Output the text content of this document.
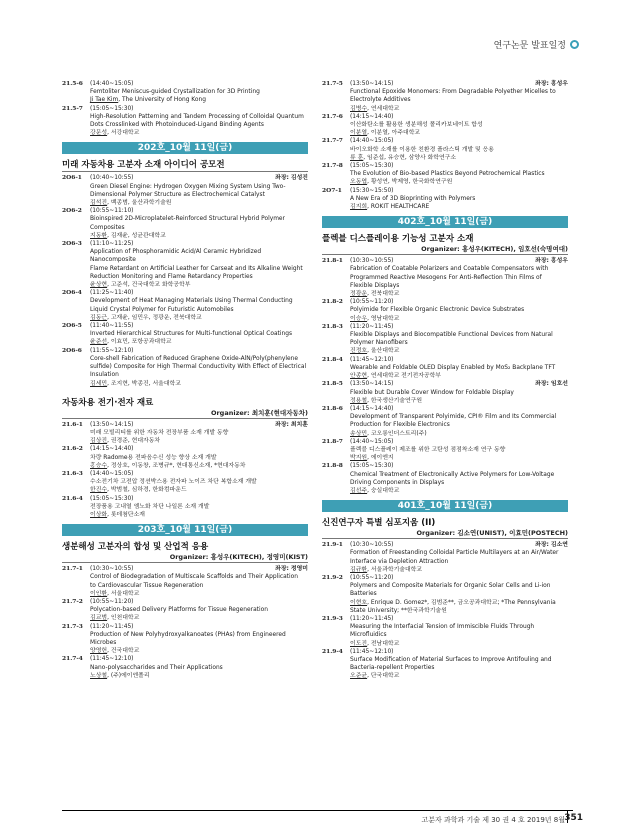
연구논문 발표일정
21.5-6	(14:40~15:05)
Femtoliter Meniscus-guided Crystallization for 3D Printing
Ji Tae Kim, The University of Hong Kong
21.5-7	(15:05~15:30)
High-Resolution Patterning and Tandem Processing of Colloidal Quantum
Dots Crosslinked with Photoinduced-Ligand Binding Agents
강문성, 서강대학교
202호_10월 11일(금)
미래 자동차용 고분자 소재 아이디어 공모전
2O6-1	(10:40~10:55)	좌장: 김성진
Green Diesel Engine: Hydrogen Oxygen Mixing System Using Two-
Dimensional Polymer Structure as Electrochemical Catalyst
김석진, 백종범, 울산과학기술원
2O6-2	(10:55~11:10)
Bioinspired 2D-Microplatelet-Reinforced Structural Hybrid Polymer Composites
지동환, 김재윤, 성균관대학교
2O6-3	(11:10~11:25)
Application of Phosphoramidic Acid/Al Ceramic Hybridized Nanocomposite
Flame Retardant on Artificial Leather for Carseat and Its Alkaline Weight
Reduction Monitoring and Flame Retardancy Properties
윤상현, 고준석, 건국대학교 화학공학부
2O6-4	(11:25~11:40)
Development of Heat Managing Materials Using Thermal Conducting
Liquid Crystal Polymer for Futuristic Automobiles
김동근, 고재윤, 임민우, 정광운, 전북대학교
2O6-5	(11:40~11:55)
Inverted Hierarchical Structures for Multi-functional Optical Coatings
윤준선, 이효민, 포항공과대학교
2O6-6	(11:55~12:10)
Core-shell Fabrication of Reduced Graphene Oxide-AlN/Poly(phenylene
sulfide) Composite for High Thermal Conductivity With Effect of Electrical Insulation
김세민, 조지현, 박종진, 서울대학교
자동차용 전기·전자 재료
Organizer: 최치훈(현대자동차)
21.6-1	(13:50~14:15)	좌장: 최치훈
미래 모빌리티를 위한 자동차 전장부품 소재 개발 동향
김상진, 권경준, 현대자동차
21.6-2	(14:15~14:40)
차량 Radome용 전파음수신 성능 향상 소재 개발
홍승수, 정상호, 이동창, 조병규*, 현대통신소재, *현대자동차
21.6-3	(14:40~15:05)
수소전기차 고전압 정션박스용 전자파 노이즈 차단 복합소재 개발
한진수, 박범철, 심하경, 한화컴파운드
21.6-4	(15:05~15:30)
전장품용 고내열 엠노화 차단 나일론 소재 개발
이상화, 롯데첨단소재
203호_10월 11일(금)
생분해성 고분자의 합성 및 산업적 응용
Organizer: 홍성우(KITECH), 정영미(KIST)
21.7-1	(10:30~10:55)	좌장: 정영미
Control of Biodegradation of Multiscale Scaffolds and Their Application
to Cardiovascular Tissue Regeneration
이인환, 서울대학교
21.7-2	(10:55~11:20)
Polycation-based Delivery Platforms for Tissue Regeneration
김교범, 인천대학교
21.7-3	(11:20~11:45)
Production of New Polyhydroxyalkanoates (PHAs) from Engineered
Microbes
양영헌, 건국대학교
21.7-4	(11:45~12:10)
Nano-polysaccharides and Their Applications
노상철, (주)에이엔폴리
21.7-5	(13:50~14:15)	좌장: 홍성우
Functional Epoxide Monomers: From Degradable Polyether Micelles to
Electrolyte Additives
김병수, 연세대학교
21.7-6	(14:15~14:40)
이산화탄소를 활용한 생분해성 폴리카보네이트 합성
이분열, 이분열, 아주대학교
21.7-7	(14:40~15:05)
바이오화학 소재를 이용한 친환경 플라스틱 개발 및 응용
류 훈, 임준섭, 유승현, 삼양사 화학연구소
21.7-8	(15:05~15:30)
The Evolution of Bio-based Plastics Beyond Petrochemical Plastics
오동엽, 황성연, 박제영, 한국화학연구원
2O7-1	(15:30~15:50)
A New Era of 3D Bioprinting with Polymers
김지희, ROKIT HEALTHCARE
402호_10월 11일(금)
플렉블 디스플레이용 기능성 고분자 소재
Organizer: 홍성우(KITECH), 임호선(숙명여대)
21.8-1	(10:30~10:55)	좌장: 홍성우
Fabrication of Coatable Polarizers and Coatable Compensators with
Programmed Reactive Mesogens For Anti-Reflection Thin Films of
Flexible Displays
정광운, 전북대학교
21.8-2	(10:55~11:20)
Polyimide for Flexible Organic Electronic Device Substrates
이승우, 영남대학교
21.8-3	(11:20~11:45)
Flexible Displays and Biocompatible Functional Devices from Natural
Polymer Nanofibers
진정호, 울산대학교
21.8-4	(11:45~12:10)
Wearable and Foldable OLED Display Enabled by MoS₂ Backplane TFT
안종현, 연세대학교 전기전자공학부
21.8-5	(13:50~14:15)	좌장: 임호선
Flexible but Durable Cover Window for Foldable Display
정용철, 한국생산기술연구원
21.8-6	(14:15~14:40)
Development of Transparent Polyimide, CPI® Film and Its Commercial
Production for Flexible Electronics
송상민, 코오롱인더스트리(주)
21.8-7	(14:40~15:05)
플렉블 디스플레이 제조를 위한 고탄성 점점착소재 연구 동향
박지원, 에이엔지
21.8-8	(15:05~15:30)
Chemical Treatment of Electronically Active Polymers for Low-Voltage
Driving Components in Displays
김선주, 숭실대학교
401호_10월 11일(금)
신진연구자 특별 심포지움 (II)
Organizer: 김소연(UNIST), 이효민(POSTECH)
21.9-1	(10:30~10:55)	좌장: 김소연
Formation of Freestanding Colloidal Particle Multilayers at an Air/Water
Interface via Depletion Attraction
김규환, 서울과학기술대학교
21.9-2	(10:55~11:20)
Polymers and Composite Materials for Organic Solar Cells and Li-ion Batteries
이현호, Enrique D. Gomez*, 김범준**, 금오공과대학교; *The Pennsylvania State University; **한국과학기술원
21.9-3	(11:20~11:45)
Measuring the Interfacial Tension of Immiscible Fluids Through Microfluidics
이도진, 전남대학교
21.9-4	(11:45~12:10)
Surface Modification of Material Surfaces to Improve Antifouling and
Bacteria-repellent Properties
오준균, 단국대학교
고분자 과학과 기술 제 30 권 4 호 2019년 8월 351
